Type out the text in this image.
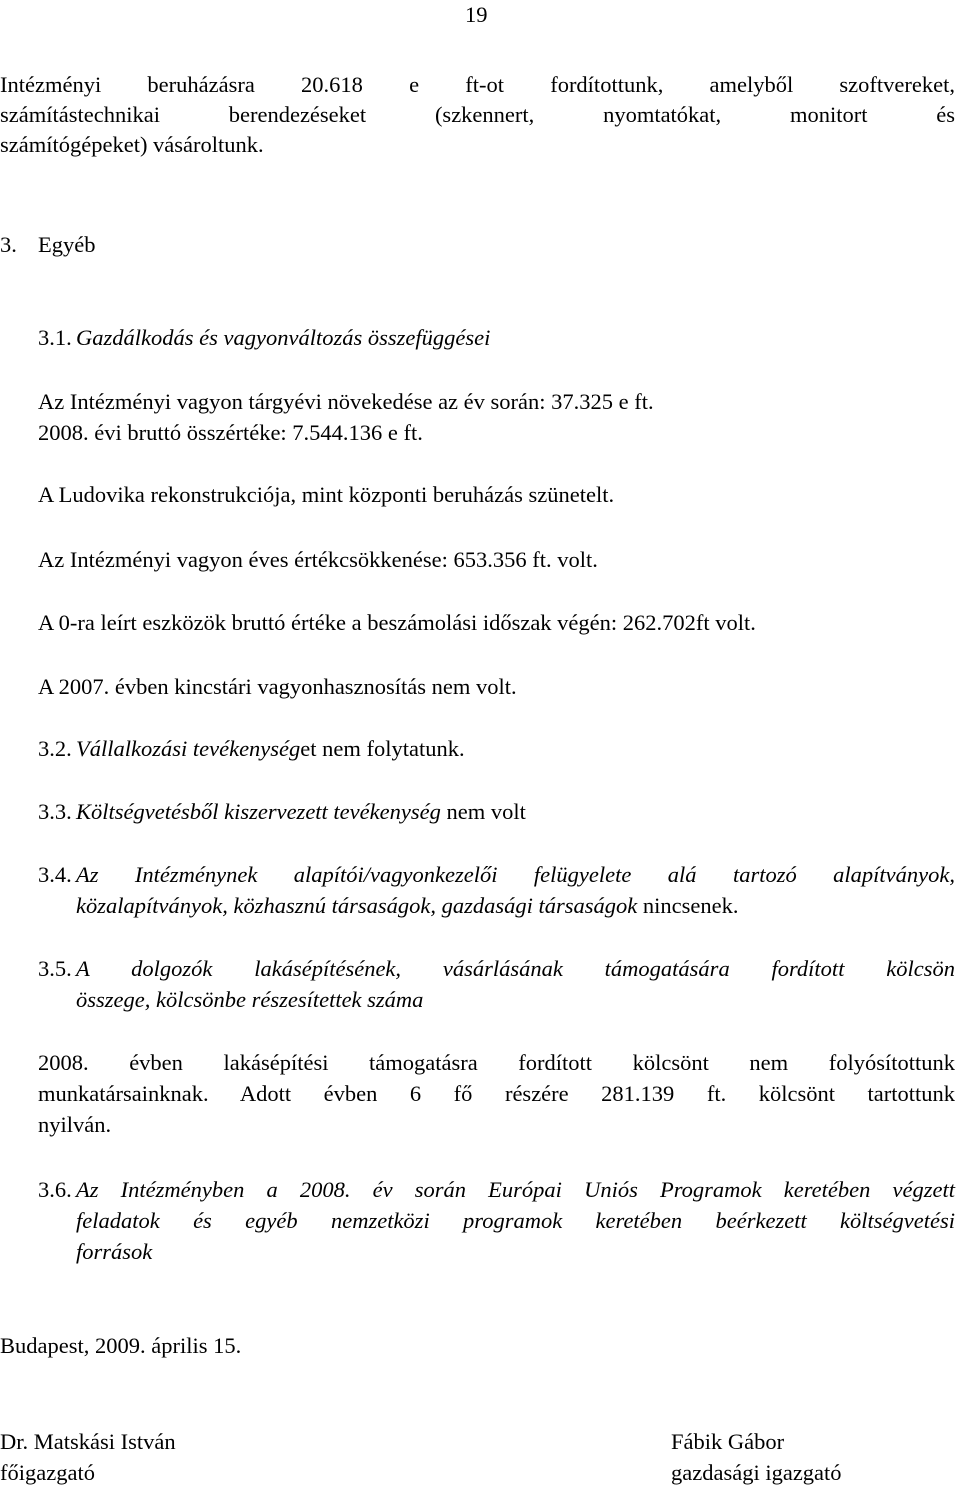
19

Intézményi beruházásra 20.618 e ft-ot fordítottunk, amelyből szoftvereket,

számítástechnikai berendezéseket (szkennert, nyomtatókat, monitort és

számítógépeket) vásároltunk.

3. Egyéb
3.1. Gazdálkodás és vagyonváltozás összefüggései

Az Intézményi vagyon tárgyévi növekedése az év során: 37.325 e ft.

2008. évi bruttó összértéke: 7.544.136 e ft.

A Ludovika rekonstrukciója, mint központi beruházás szünetelt.

Az Intézményi vagyon éves értékcsökkenése: 653.356 ft. volt.

A 0-ra leírt eszközök bruttó értéke a beszámolási időszak végén: 262.702ft volt.

A 2007. évben kincstári vagyonhasznosítás nem volt.

3.2. Vállalkozási tevékenységet nem folytatunk.

3.3. Költségvetésből kiszervezett tevékenység nem volt

3.4. Az Intézménynek alapítói/vagyonkezelői felügyelete alá tartozó alapítványok,

közalapítványok, közhasznú társaságok, gazdasági társaságok nincsenek.

3.5. A dolgozók lakásépítésének, vásárlásának támogatására fordított kölcsön

összege, kölcsönbe részesítettek száma

2008. évben lakásépítési támogatásra fordított kölcsönt nem folyósítottunk

munkatársainknak. Adott évben 6 fő részére 281.139 ft. kölcsönt tartottunk

nyilván.

3.6. Az Intézményben a 2008. év során Európai Uniós Programok keretében végzett

feladatok és egyéb nemzetközi programok keretében beérkezett költségvetési

források

Budapest, 2009. április 15.

Dr. Matskási István

főigazgató

Fábik Gábor

gazdasági igazgató
